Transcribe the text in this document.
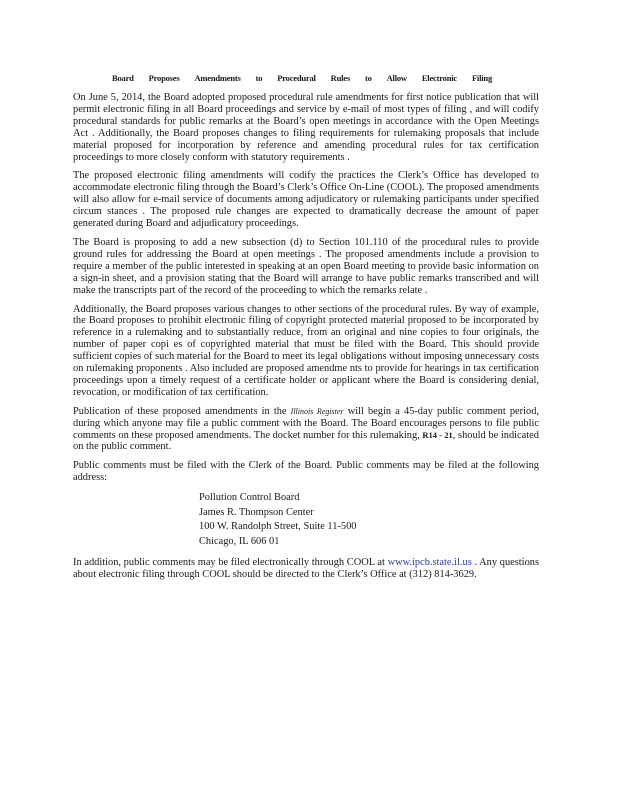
Board Proposes Amendments to Procedural Rules to Allow Electronic Filing

On June 5, 2014, the Board adopted proposed procedural rule amendments for first notice publication that will permit electronic filing in all Board proceedings and service by e-mail of most types of filing , and will codify procedural standards for public remarks at the Board’s open meetings in accordance with the Open Meetings Act . Additionally, the Board proposes changes to filing requirements for rulemaking proposals that include material proposed for incorporation by reference and amending procedural rules for tax certification proceedings to more closely conform with statutory requirements .

The proposed electronic filing amendments will codify the practices the Clerk’s Office has developed to accommodate electronic filing through the Board’s Clerk’s Office On-Line (COOL). The proposed amendments will also allow for e-mail service of documents among adjudicatory or rulemaking participants under specified circum stances . The proposed rule changes are expected to dramatically decrease the amount of paper generated during Board and adjudicatory proceedings.

The Board is proposing to add a new subsection (d) to Section 101.110 of the procedural rules to provide ground rules for addressing the Board at open meetings . The proposed amendments include a provision to require a member of the public interested in speaking at an open Board meeting to provide basic information on a sign-in sheet, and a provision stating that the Board will arrange to have public remarks transcribed and will make the transcripts part of the record of the proceeding to which the remarks relate .

Additionally, the Board proposes various changes to other sections of the procedural rules. By way of example, the Board proposes to prohibit electronic filing of copyright protected material proposed to be incorporated by reference in a rulemaking and to substantially reduce, from an original and nine copies to four originals, the number of paper copi es of copyrighted material that must be filed with the Board. This should provide sufficient copies of such material for the Board to meet its legal obligations without imposing unnecessary costs on rulemaking proponents . Also included are proposed amendme nts to provide for hearings in tax certification proceedings upon a timely request of a certificate holder or applicant where the Board is considering denial, revocation, or modification of tax certification.

Publication of these proposed amendments in the Illinois Register will begin a 45-day public comment period, during which anyone may file a public comment with the Board. The Board encourages persons to file public comments on these proposed amendments. The docket number for this rulemaking, R14 - 21, should be indicated on the public comment.

Public comments must be filed with the Clerk of the Board. Public comments may be filed at the following address:

Pollution Control Board
James R. Thompson Center
100 W. Randolph Street, Suite 11-500
Chicago, IL 606 01

In addition, public comments may be filed electronically through COOL at www.ipcb.state.il.us . Any questions about electronic filing through COOL should be directed to the Clerk’s Office at (312) 814-3629.
